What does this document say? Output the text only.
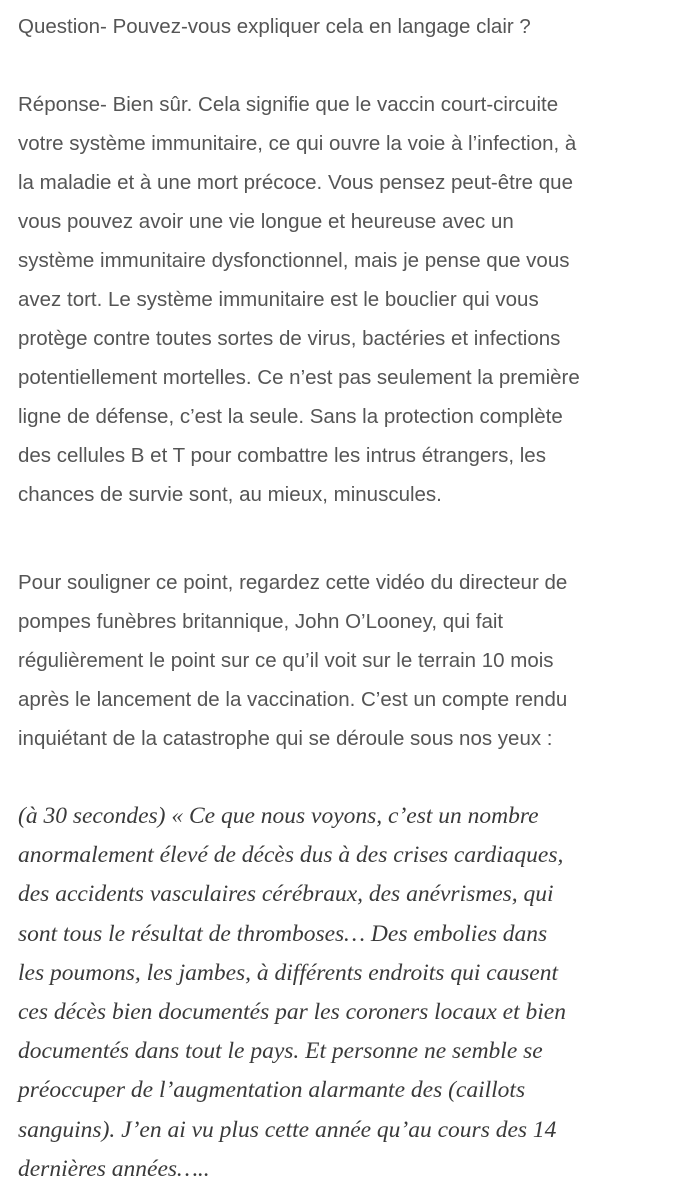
Question- Pouvez-vous expliquer cela en langage clair ?

Réponse- Bien sûr. Cela signifie que le vaccin court-circuite
votre système immunitaire, ce qui ouvre la voie à l’infection, à
la maladie et à une mort précoce. Vous pensez peut-être que
vous pouvez avoir une vie longue et heureuse avec un
système immunitaire dysfonctionnel, mais je pense que vous
avez tort. Le système immunitaire est le bouclier qui vous
protège contre toutes sortes de virus, bactéries et infections
potentiellement mortelles. Ce n’est pas seulement la première
ligne de défense, c’est la seule. Sans la protection complète
des cellules B et T pour combattre les intrus étrangers, les
chances de survie sont, au mieux, minuscules.

Pour souligner ce point, regardez cette vidéo du directeur de
pompes funèbres britannique, John O’Looney, qui fait
régulièrement le point sur ce qu’il voit sur le terrain 10 mois
après le lancement de la vaccination. C’est un compte rendu
inquiétant de la catastrophe qui se déroule sous nos yeux :

(à 30 secondes) « Ce que nous voyons, c’est un nombre
anormalement élevé de décès dus à des crises cardiaques,
des accidents vasculaires cérébraux, des anévrismes, qui
sont tous le résultat de thromboses… Des embolies dans
les poumons, les jambes, à différents endroits qui causent
ces décès bien documentés par les coroners locaux et bien
documentés dans tout le pays. Et personne ne semble se
préoccuper de l’augmentation alarmante des (caillots
sanguins). J’en ai vu plus cette année qu’au cours des 14
dernières années…..
